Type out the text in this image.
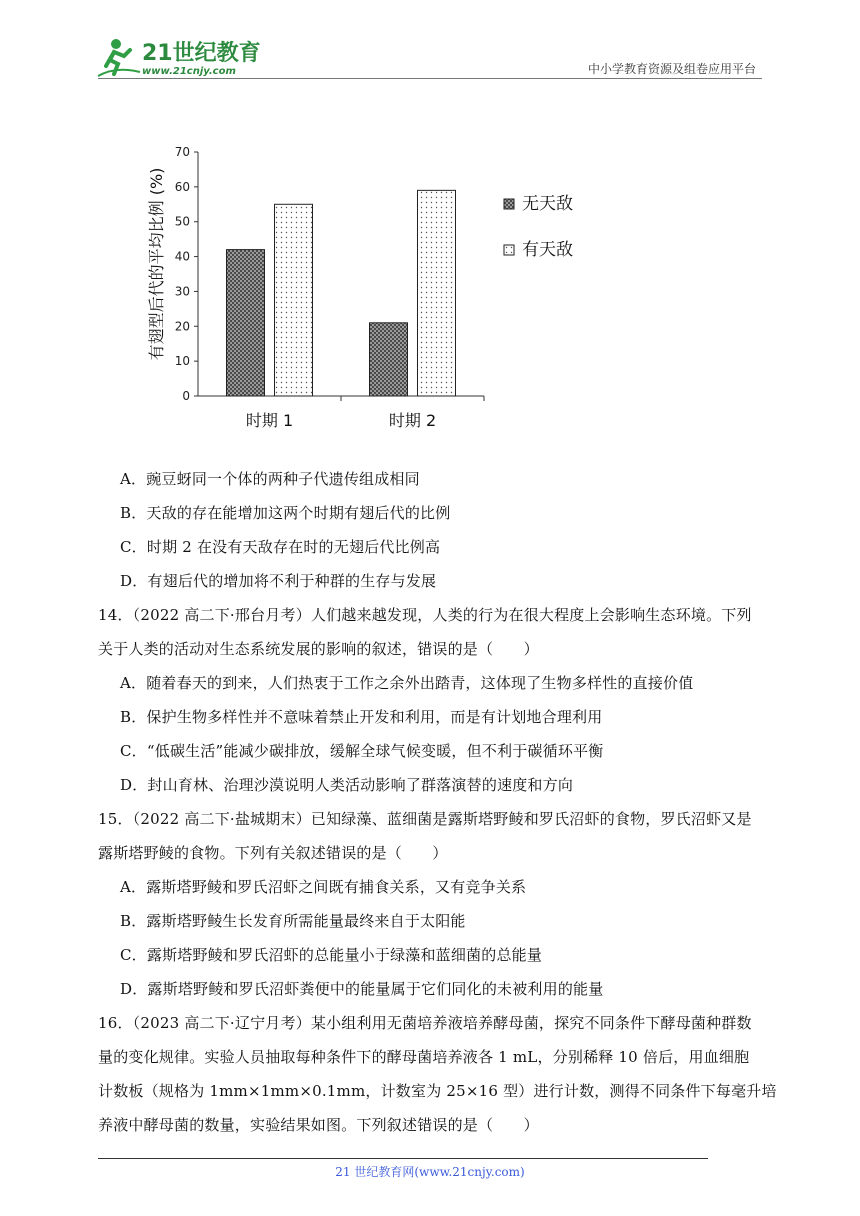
21世纪教育
www.21cnjy.com	中小学教育资源及组卷应用平台
0
10
20
30
40
50
60
70
时期 1	时期 2
无天敌
有天敌
有翅型后代的平均比例 (%)
A．豌豆蚜同一个体的两种子代遗传组成相同
B．天敌的存在能增加这两个时期有翅后代的比例
C．时期 2 在没有天敌存在时的无翅后代比例高
D．有翅后代的增加将不利于种群的生存与发展
14．（2022 高二下·邢台月考）人们越来越发现，人类的行为在很大程度上会影响生态环境。下列
关于人类的活动对生态系统发展的影响的叙述，错误的是（　　）
A．随着春天的到来，人们热衷于工作之余外出踏青，这体现了生物多样性的直接价值
B．保护生物多样性并不意味着禁止开发和利用，而是有计划地合理利用
C．“低碳生活”能减少碳排放，缓解全球气候变暖，但不利于碳循环平衡
D．封山育林、治理沙漠说明人类活动影响了群落演替的速度和方向
15．（2022 高二下·盐城期末）已知绿藻、蓝细菌是露斯塔野鲮和罗氏沼虾的食物，罗氏沼虾又是
露斯塔野鲮的食物。下列有关叙述错误的是（　　）
A．露斯塔野鲮和罗氏沼虾之间既有捕食关系，又有竞争关系
B．露斯塔野鲮生长发育所需能量最终来自于太阳能
C．露斯塔野鲮和罗氏沼虾的总能量小于绿藻和蓝细菌的总能量
D．露斯塔野鲮和罗氏沼虾粪便中的能量属于它们同化的未被利用的能量
16．（2023 高二下·辽宁月考）某小组利用无菌培养液培养酵母菌，探究不同条件下酵母菌种群数
量的变化规律。实验人员抽取每种条件下的酵母菌培养液各 1 mL，分别稀释 10 倍后，用血细胞
计数板（规格为 1mm×1mm×0.1mm，计数室为 25×16 型）进行计数，测得不同条件下每毫升培
养液中酵母菌的数量，实验结果如图。下列叙述错误的是（　　）
21 世纪教育网(www.21cnjy.com)
